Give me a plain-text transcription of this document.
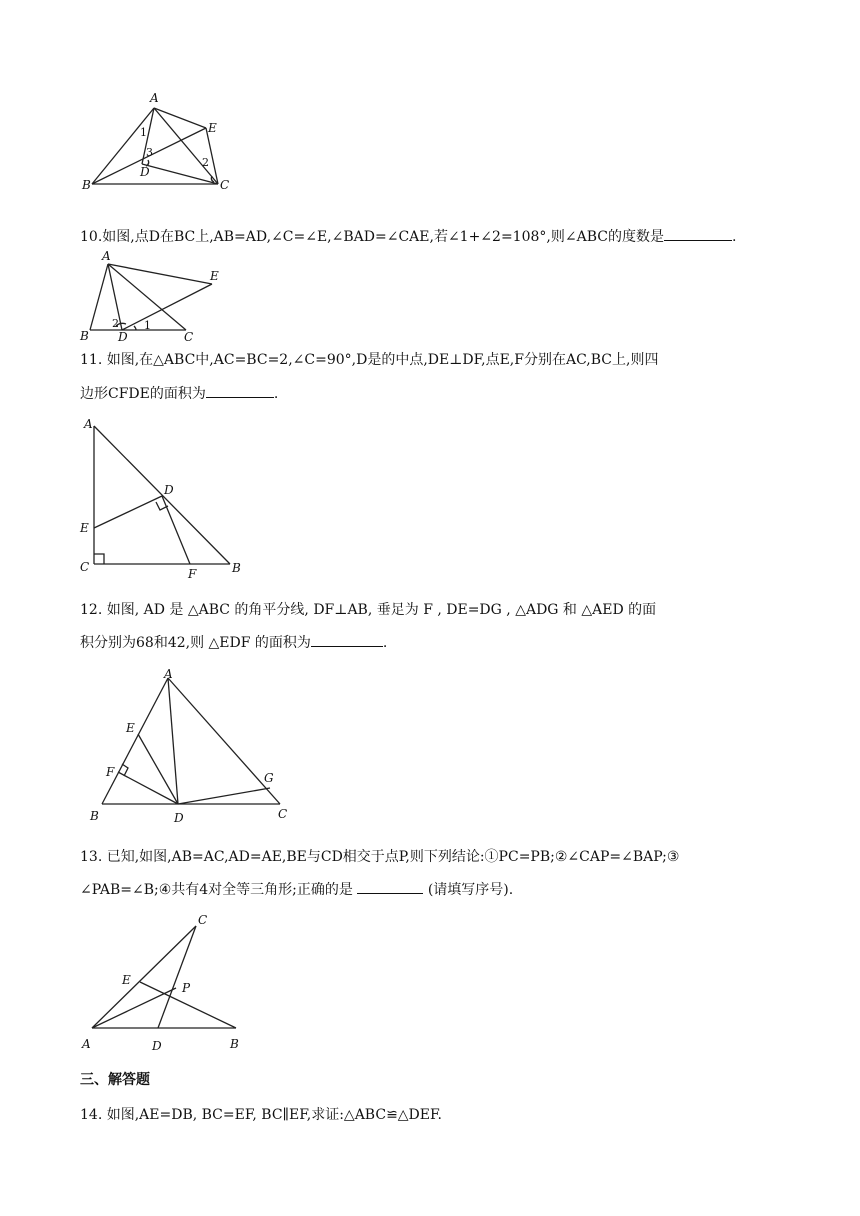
A
B	C
D
E
1
2
3
10.如图,点D在BC上,AB=AD,∠C=∠E,∠BAD=∠CAE,若∠1+∠2=108°,则∠ABC的度数是	.
A
B	C
D
E
1
2
11. 如图,在△ABC中,AC=BC=2,∠C=90°,D是的中点,DE⊥DF,点E,F分别在AC,BC上,则四
边形CFDE的面积为	.
A
B
C
D
E
F
12. 如图, AD 是 △ABC 的角平分线, DF⊥AB, 垂足为 F , DE=DG , △ADG 和 △AED 的面
积分别为68和42,则 △EDF 的面积为	.
A
B	C
D
E
F	G
13. 已知,如图,AB=AC,AD=AE,BE与CD相交于点P,则下列结论:①PC=PB;②∠CAP=∠BAP;③
∠PAB=∠B;④共有4对全等三角形;正确的是	(请填写序号).
A	B
C
D
E
P
三、解答题
14. 如图,AE=DB, BC=EF, BC∥EF,求证:△ABC≌△DEF.
